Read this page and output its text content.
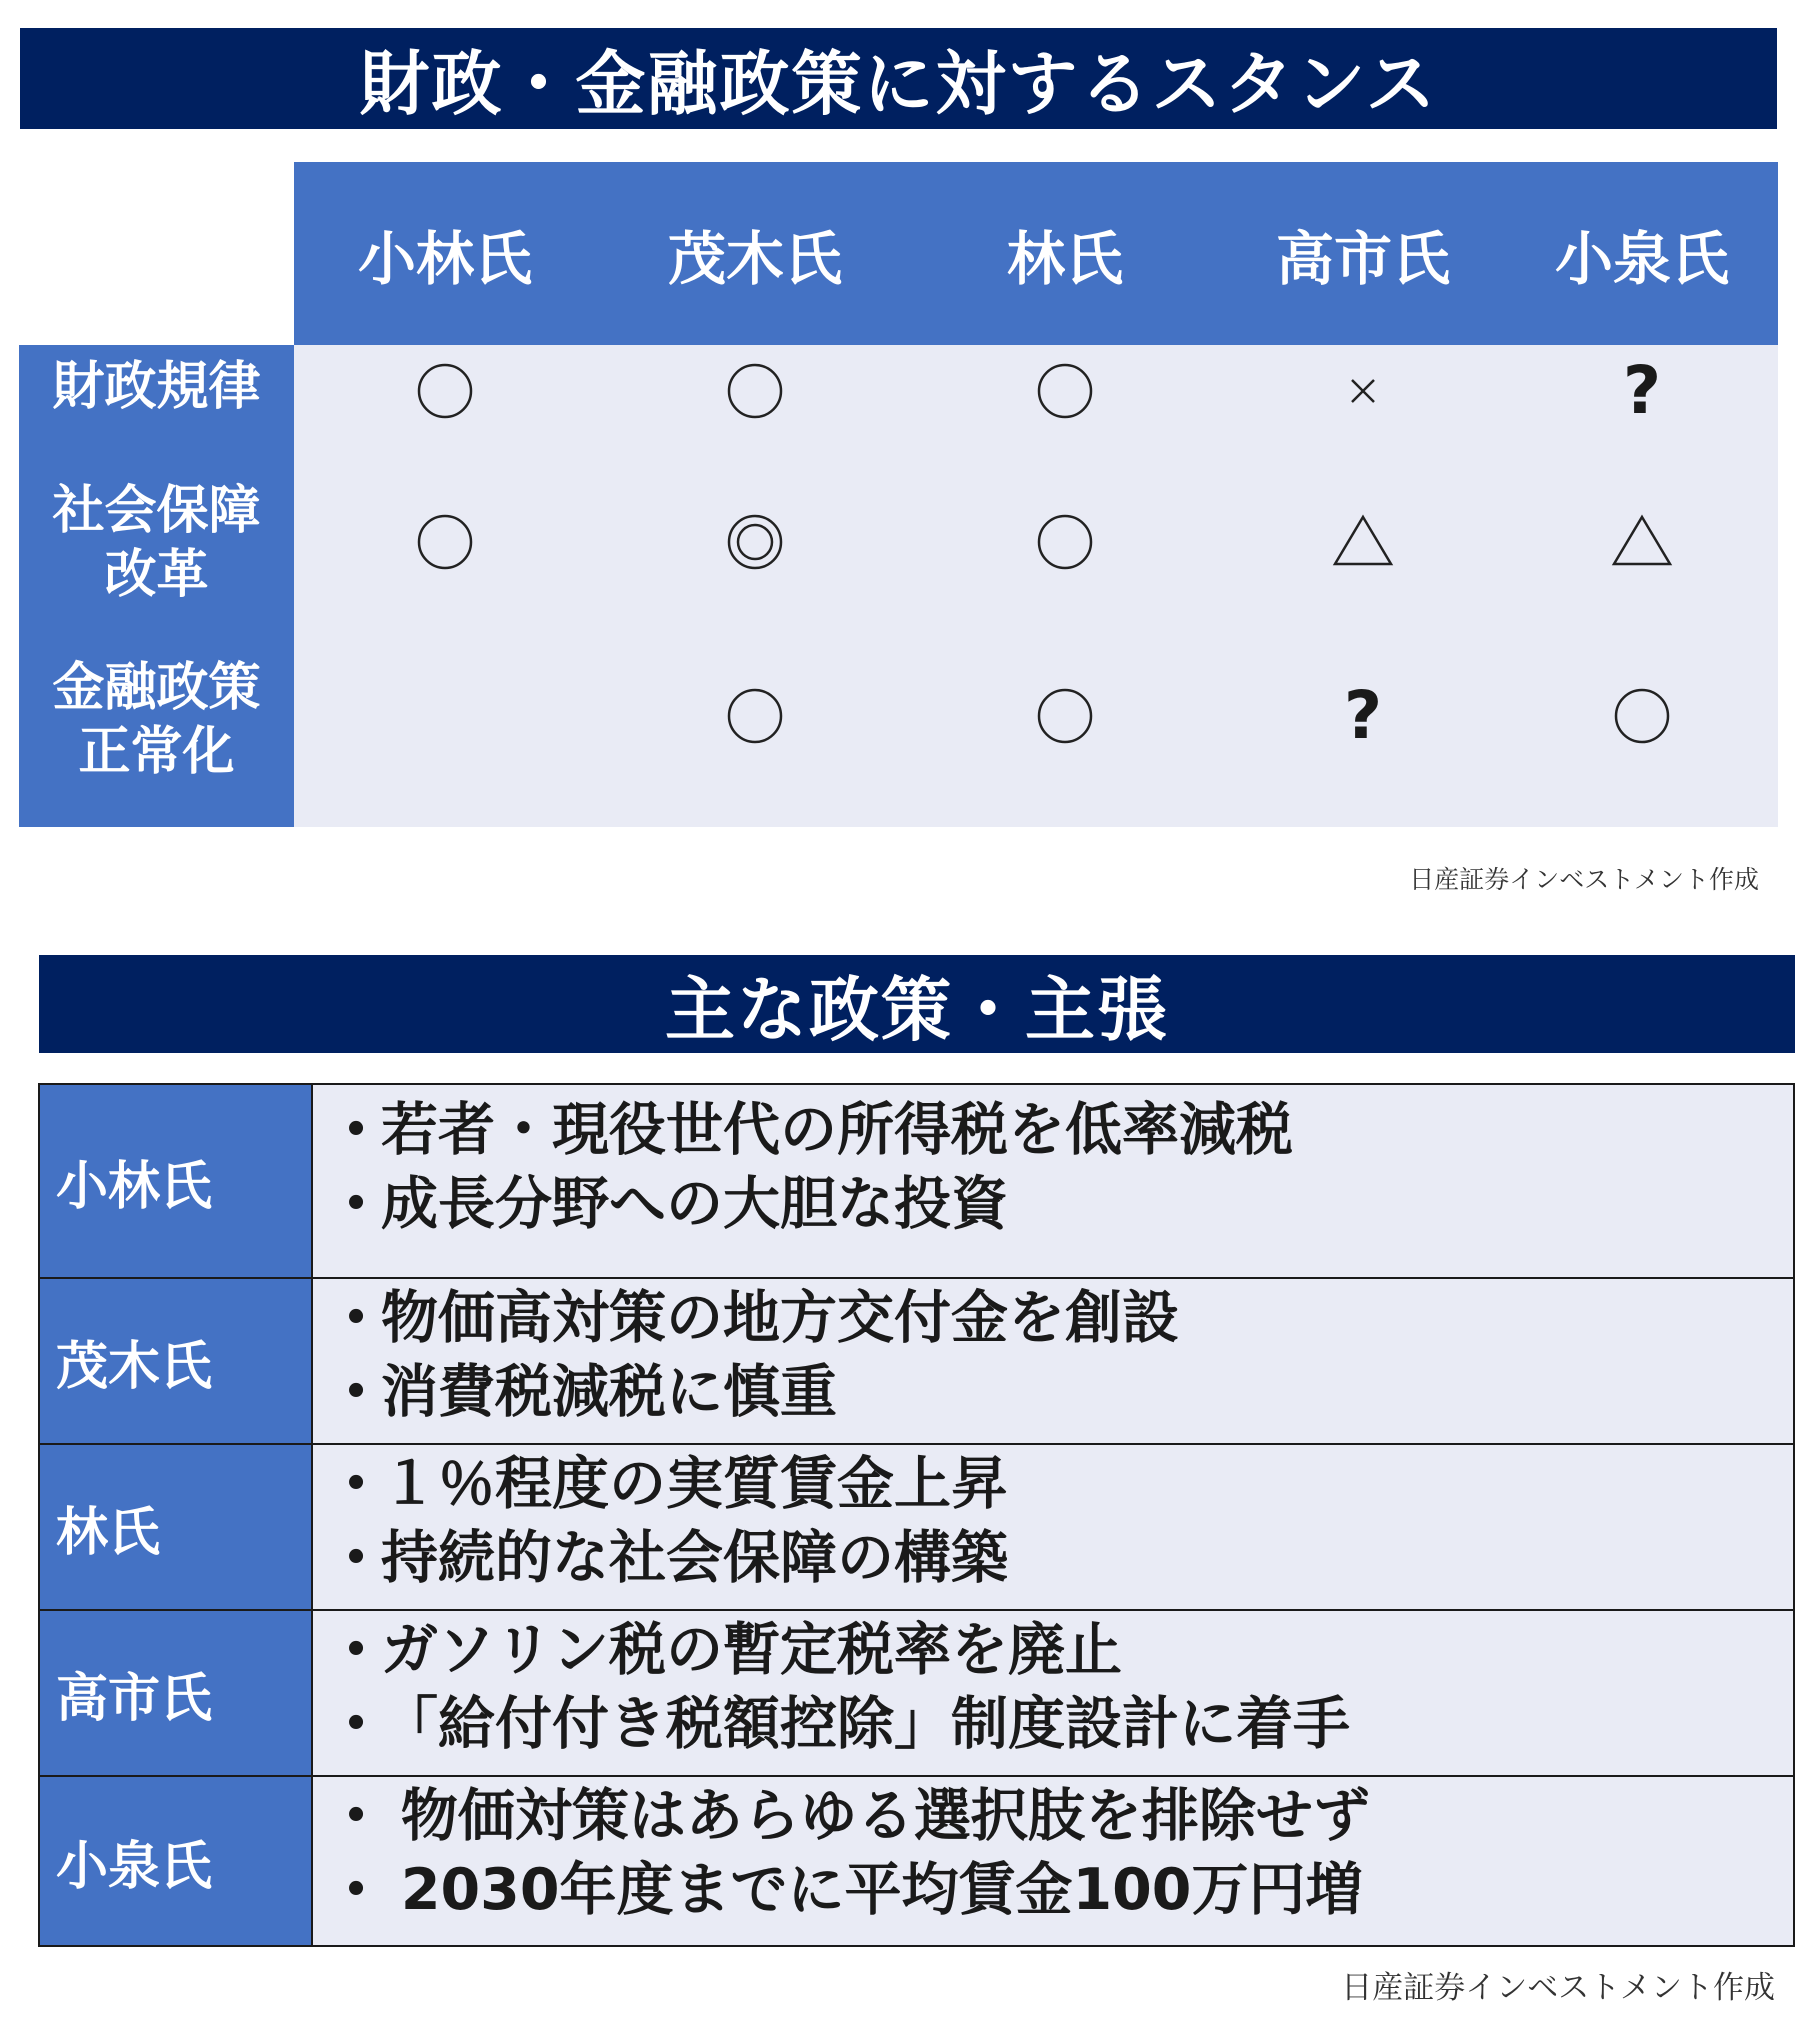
財政・金融政策に対するスタンス
小林氏 茂木氏	林氏	高市氏 小泉氏
財政規律
社会保障
改革
金融政策
正常化
?
?
日産証券インベストメント作成
主な政策・主張
小林氏
• 若者・現役世代の所得税を低率減税
• 成長分野への大胆な投資
茂木氏
• 物価高対策の地方交付金を創設
• 消費税減税に慎重
林氏
• １％程度の実質賃金上昇
• 持続的な社会保障の構築
高市氏
• ガソリン税の暫定税率を廃止
• 「給付付き税額控除」制度設計に着手
小泉氏
• 物価対策はあらゆる選択肢を排除せず
• 2030年度までに平均賃金100万円増
日産証券インベストメント作成
